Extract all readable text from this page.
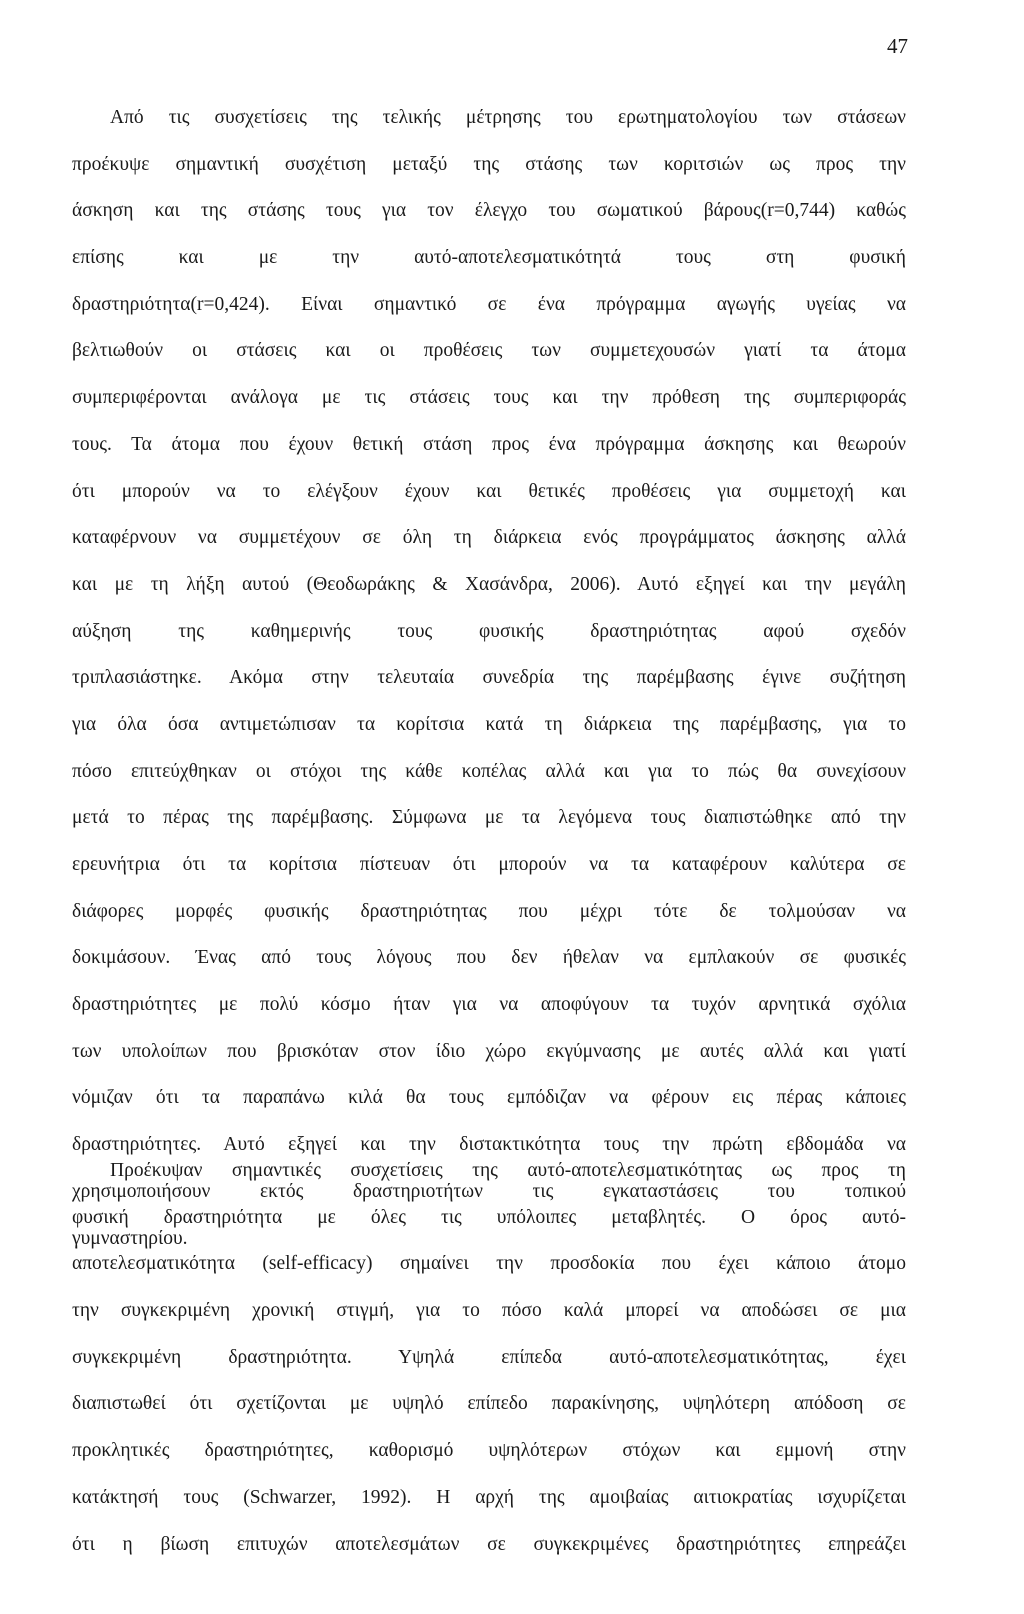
47
Από τις συσχετίσεις της τελικής μέτρησης του ερωτηματολογίου των στάσεων
προέκυψε σημαντική συσχέτιση μεταξύ της στάσης των κοριτσιών ως προς την
άσκηση και της στάσης τους για τον έλεγχο του σωματικού βάρους(r=0,744) καθώς
επίσης και με την αυτό-αποτελεσματικότητά τους στη φυσική
δραστηριότητα(r=0,424). Είναι σημαντικό σε ένα πρόγραμμα αγωγής υγείας να
βελτιωθούν οι στάσεις και οι προθέσεις των συμμετεχουσών γιατί τα άτομα
συμπεριφέρονται ανάλογα με τις στάσεις τους και την πρόθεση της συμπεριφοράς
τους. Τα άτομα που έχουν θετική στάση προς ένα πρόγραμμα άσκησης και θεωρούν
ότι μπορούν να το ελέγξουν έχουν και θετικές προθέσεις για συμμετοχή και
καταφέρνουν να συμμετέχουν σε όλη τη διάρκεια ενός προγράμματος άσκησης αλλά
και με τη λήξη αυτού (Θεοδωράκης & Χασάνδρα, 2006). Αυτό εξηγεί και την μεγάλη
αύξηση της καθημερινής τους φυσικής δραστηριότητας αφού σχεδόν
τριπλασιάστηκε. Ακόμα στην τελευταία συνεδρία της παρέμβασης έγινε συζήτηση
για όλα όσα αντιμετώπισαν τα κορίτσια κατά τη διάρκεια της παρέμβασης, για το
πόσο επιτεύχθηκαν οι στόχοι της κάθε κοπέλας αλλά και για το πώς θα συνεχίσουν
μετά το πέρας της παρέμβασης. Σύμφωνα με τα λεγόμενα τους διαπιστώθηκε από την
ερευνήτρια ότι τα κορίτσια πίστευαν ότι μπορούν να τα καταφέρουν καλύτερα σε
διάφορες μορφές φυσικής δραστηριότητας που μέχρι τότε δε τολμούσαν να
δοκιμάσουν. Ένας από τους λόγους που δεν ήθελαν να εμπλακούν σε φυσικές
δραστηριότητες με πολύ κόσμο ήταν για να αποφύγουν τα τυχόν αρνητικά σχόλια
των υπολοίπων που βρισκόταν στον ίδιο χώρο εκγύμνασης με αυτές αλλά και γιατί
νόμιζαν ότι τα παραπάνω κιλά θα τους εμπόδιζαν να φέρουν εις πέρας κάποιες
δραστηριότητες. Αυτό εξηγεί και την διστακτικότητα τους την πρώτη εβδομάδα να
χρησιμοποιήσουν εκτός δραστηριοτήτων τις εγκαταστάσεις του τοπικού
γυμναστηρίου.
Προέκυψαν σημαντικές συσχετίσεις της αυτό-αποτελεσματικότητας ως προς τη
φυσική δραστηριότητα με όλες τις υπόλοιπες μεταβλητές. Ο όρος αυτό-
αποτελεσματικότητα (self-efficacy) σημαίνει την προσδοκία που έχει κάποιο άτομο
την συγκεκριμένη χρονική στιγμή, για το πόσο καλά μπορεί να αποδώσει σε μια
συγκεκριμένη δραστηριότητα. Υψηλά επίπεδα αυτό-αποτελεσματικότητας, έχει
διαπιστωθεί ότι σχετίζονται με υψηλό επίπεδο παρακίνησης, υψηλότερη απόδοση σε
προκλητικές δραστηριότητες, καθορισμό υψηλότερων στόχων και εμμονή στην
κατάκτησή τους (Schwarzer, 1992). Η αρχή της αμοιβαίας αιτιοκρατίας ισχυρίζεται
ότι η βίωση επιτυχών αποτελεσμάτων σε συγκεκριμένες δραστηριότητες επηρεάζει
